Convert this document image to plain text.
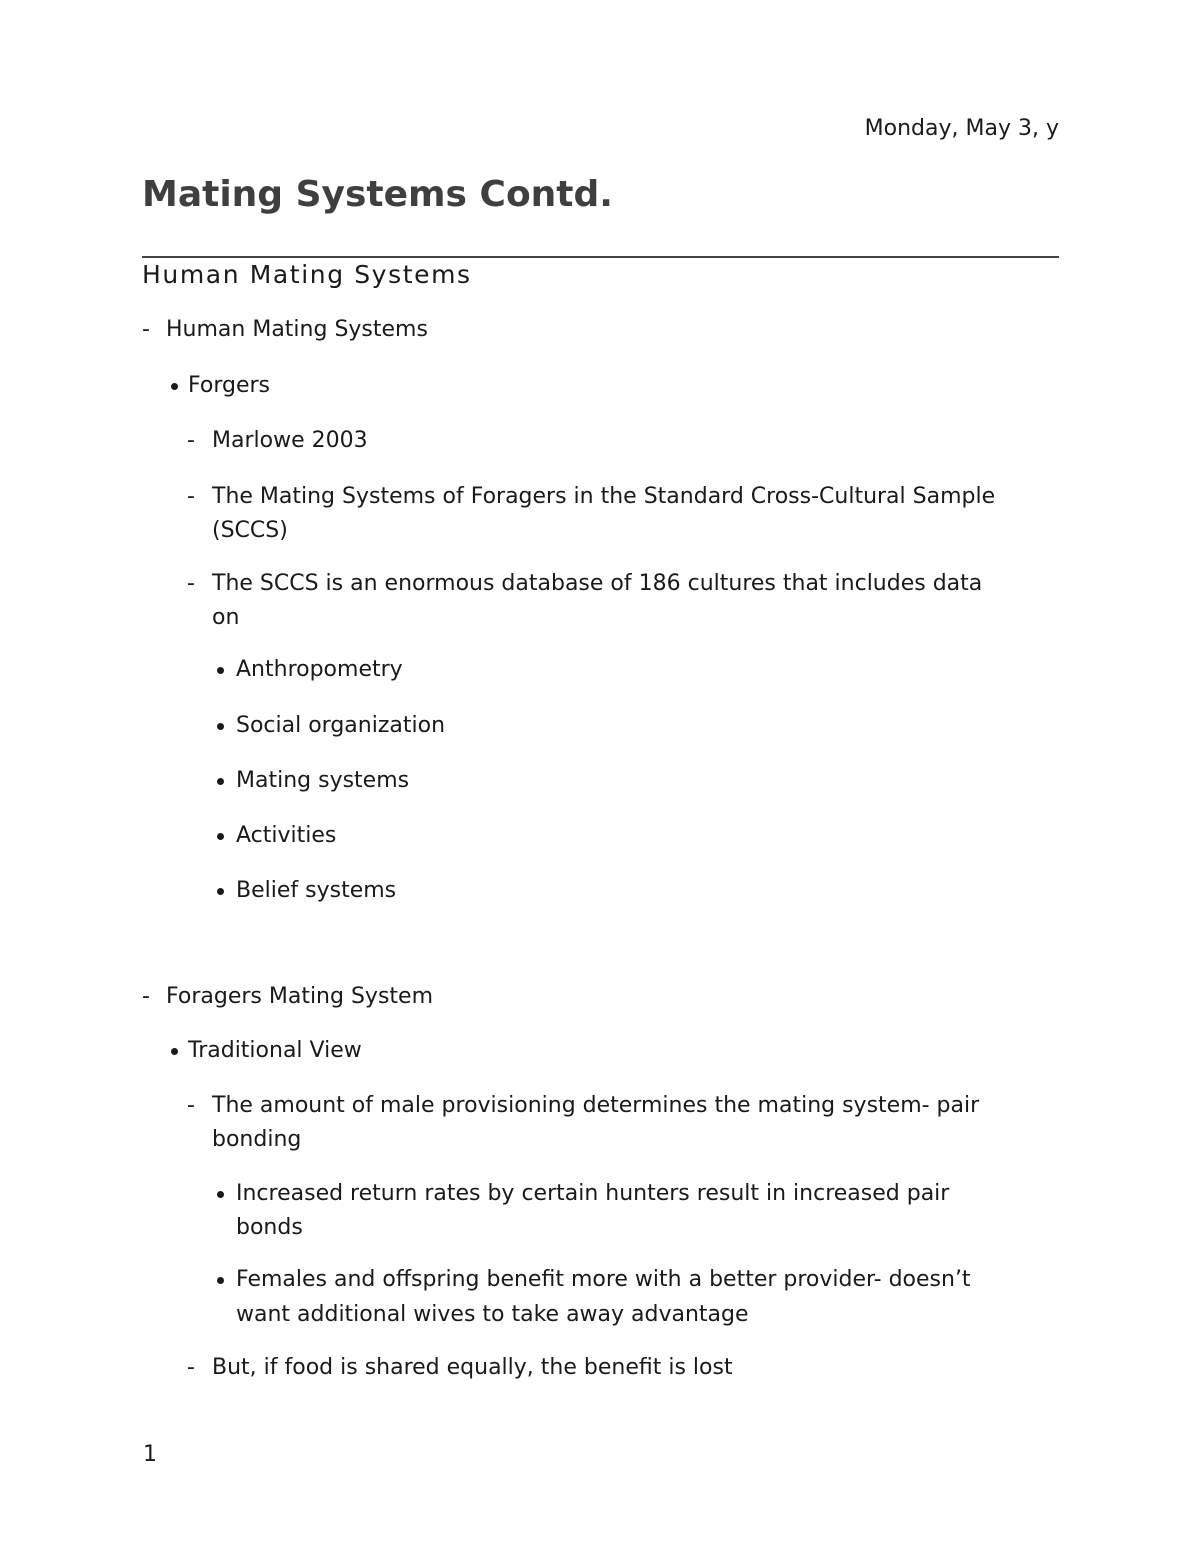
Monday, May 3, y
Mating Systems Contd.
Human Mating Systems
- Human Mating Systems
Forgers
- Marlowe 2003
- The Mating Systems of Foragers in the Standard Cross-Cultural Sample
(SCCS)
- The SCCS is an enormous database of 186 cultures that includes data
on
Anthropometry
Social organization
Mating systems
Activities
Belief systems
- Foragers Mating System
Traditional View
- The amount of male provisioning determines the mating system- pair
bonding
Increased return rates by certain hunters result in increased pair
bonds
Females and offspring benefit more with a better provider- doesn’t
want additional wives to take away advantage
- But, if food is shared equally, the benefit is lost
1
